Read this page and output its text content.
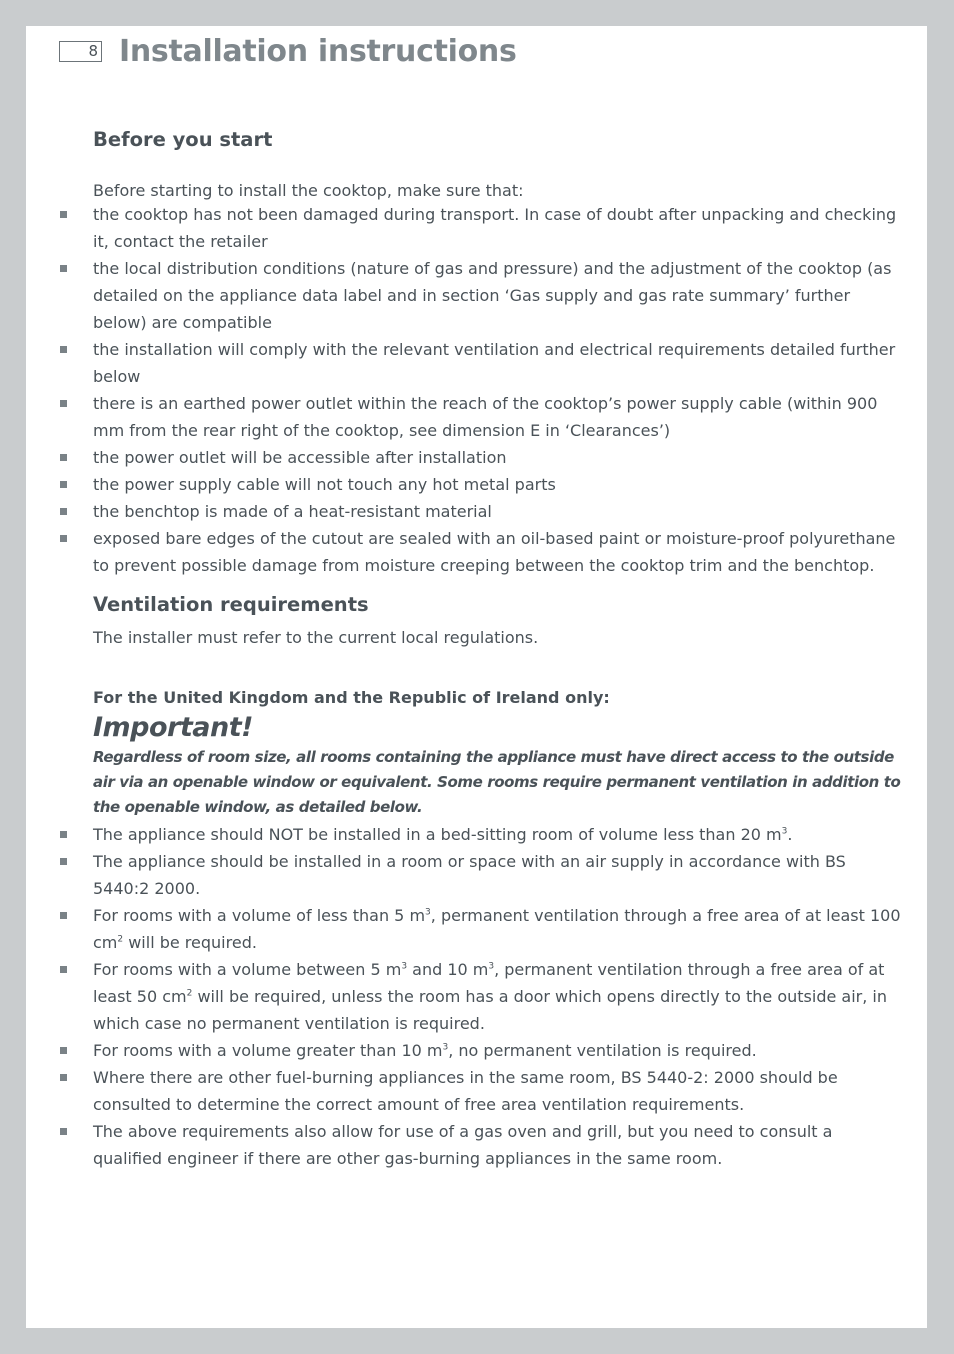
8 Installation instructions
Before you start

Before starting to install the cooktop, make sure that:

the cooktop has not been damaged during transport. In case of doubt after unpacking and checking it, contact the retailer
the local distribution conditions (nature of gas and pressure) and the adjustment of the cooktop (as detailed on the appliance data label and in section ‘Gas supply and gas rate summary’ further below) are compatible
the installation will comply with the relevant ventilation and electrical requirements detailed further below
there is an earthed power outlet within the reach of the cooktop’s power supply cable (within 900 mm from the rear right of the cooktop, see dimension E in ‘Clearances’)
the power outlet will be accessible after installation
the power supply cable will not touch any hot metal parts
the benchtop is made of a heat-resistant material
exposed bare edges of the cutout are sealed with an oil-based paint or moisture-proof polyurethane to prevent possible damage from moisture creeping between the cooktop trim and the benchtop.
Ventilation requirements

The installer must refer to the current local regulations.

For the United Kingdom and the Republic of Ireland only:

Important!

Regardless of room size, all rooms containing the appliance must have direct access to the outside air via an openable window or equivalent. Some rooms require permanent ventilation in addition to the openable window, as detailed below.

The appliance should NOT be installed in a bed-sitting room of volume less than 20 $m^3$.
The appliance should be installed in a room or space with an air supply in accordance with BS 5440:2 2000.
For rooms with a volume of less than 5 $m^3$, permanent ventilation through a free area of at least 100 $cm^2$ will be required.
For rooms with a volume between 5 $m^3$ and 10 $m^3$, permanent ventilation through a free area of at least 50 $cm^2$ will be required, unless the room has a door which opens directly to the outside air, in which case no permanent ventilation is required.
For rooms with a volume greater than 10 $m^3$, no permanent ventilation is required.
Where there are other fuel-burning appliances in the same room, BS 5440-2: 2000 should be consulted to determine the correct amount of free area ventilation requirements.
The above requirements also allow for use of a gas oven and grill, but you need to consult a qualified engineer if there are other gas-burning appliances in the same room.
